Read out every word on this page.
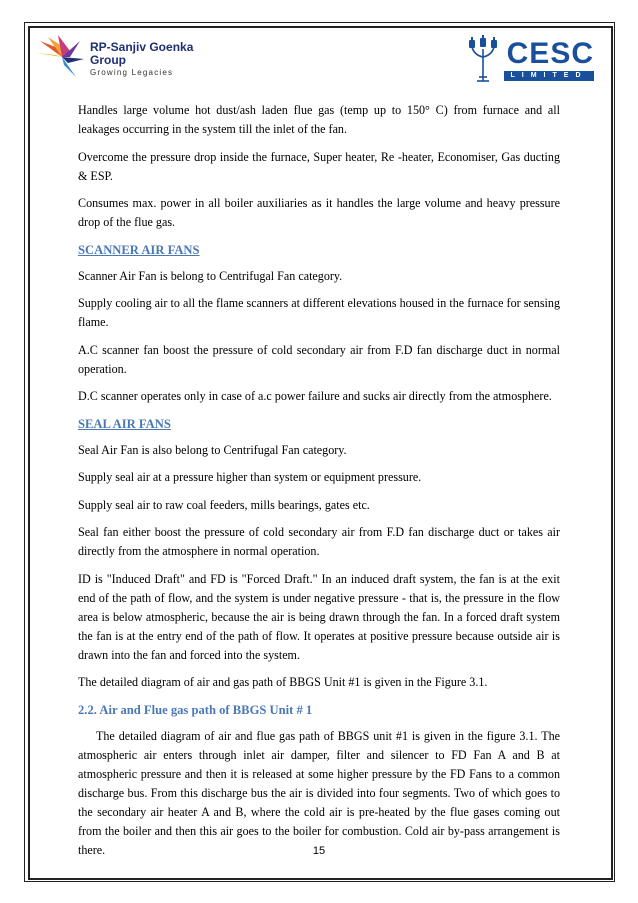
RP-Sanjiv Goenka
Group
Growing Legacies
CESC
LIMITED

Handles large volume hot dust/ash laden flue gas (temp up to 150° C) from furnace and all leakages occurring in the system till the inlet of the fan.

Overcome the pressure drop inside the furnace, Super heater, Re -heater, Economiser, Gas ducting & ESP.

Consumes max. power in all boiler auxiliaries as it handles the large volume and heavy pressure drop of the flue gas.

SCANNER AIR FANS

Scanner Air Fan is belong to Centrifugal Fan category.

Supply cooling air to all the flame scanners at different elevations housed in the furnace for sensing flame.

A.C scanner fan boost the pressure of cold secondary air from F.D fan discharge duct in normal operation.

D.C scanner operates only in case of a.c power failure and sucks air directly from the atmosphere.

SEAL AIR FANS

Seal Air Fan is also belong to Centrifugal Fan category.

Supply seal air at a pressure higher than system or equipment pressure.

Supply seal air to raw coal feeders, mills bearings, gates etc.

Seal fan either boost the pressure of cold secondary air from F.D fan discharge duct or takes air directly from the atmosphere in normal operation.

ID is "Induced Draft" and FD is "Forced Draft." In an induced draft system, the fan is at the exit end of the path of flow, and the system is under negative pressure - that is, the pressure in the flow area is below atmospheric, because the air is being drawn through the fan. In a forced draft system the fan is at the entry end of the path of flow. It operates at positive pressure because outside air is drawn into the fan and forced into the system.

The detailed diagram of air and gas path of BBGS Unit #1 is given in the Figure 3.1.

2.2. Air and Flue gas path of BBGS Unit # 1

The detailed diagram of air and flue gas path of BBGS unit #1 is given in the figure 3.1. The atmospheric air enters through inlet air damper, filter and silencer to FD Fan A and B at atmospheric pressure and then it is released at some higher pressure by the FD Fans to a common discharge bus. From this discharge bus the air is divided into four segments. Two of which goes to the secondary air heater A and B, where the cold air is pre-heated by the flue gases coming out from the boiler and then this air goes to the boiler for combustion. Cold air by-pass arrangement is there.	15
